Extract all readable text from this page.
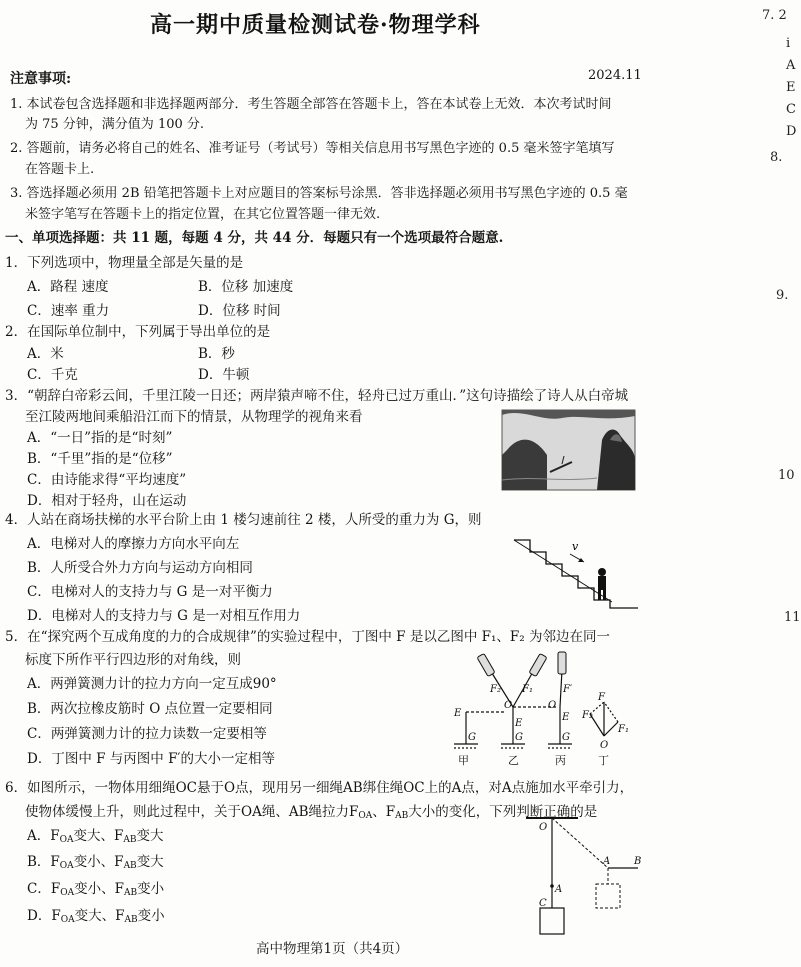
高一期中质量检测试卷·物理学科
注意事项:	2024.11
1. 本试卷包含选择题和非选择题两部分．考生答题全部答在答题卡上，答在本试卷上无效．本次考试时间
为 75 分钟，满分值为 100 分.
2. 答题前，请务必将自己的姓名、准考证号（考试号）等相关信息用书写黑色字迹的 0.5 毫米签字笔填写
在答题卡上.
3. 答选择题必须用 2B 铅笔把答题卡上对应题目的答案标号涂黑．答非选择题必须用书写黑色字迹的 0.5 毫
米签字笔写在答题卡上的指定位置，在其它位置答题一律无效.
一、单项选择题：共 11 题，每题 4 分，共 44 分．每题只有一个选项最符合题意.
1．下列选项中，物理量全部是矢量的是
A．路程 速度	B．位移 加速度
C．速率 重力	D．位移 时间
2．在国际单位制中，下列属于导出单位的是
A．米	B．秒
C．千克	D．牛顿
3．“朝辞白帝彩云间，千里江陵一日还；两岸猿声啼不住，轻舟已过万重山．”这句诗描绘了诗人从白帝城
至江陵两地间乘船沿江而下的情景，从物理学的视角来看
A．“一日”指的是“时刻”
B．“千里”指的是“位移”
C．由诗能求得“平均速度”
D．相对于轻舟，山在运动
4．人站在商场扶梯的水平台阶上由 1 楼匀速前往 2 楼，人所受的重力为 G，则
A．电梯对人的摩擦力方向水平向左
B．人所受合外力方向与运动方向相同
C．电梯对人的支持力与 G 是一对平衡力
D．电梯对人的支持力与 G 是一对相互作用力
v
5．在“探究两个互成角度的力的合成规律”的实验过程中，丁图中 F 是以乙图中 F₁、F₂ 为邻边在同一
标度下所作平行四边形的对角线，则
A．两弹簧测力计的拉力方向一定互成90°
B．两次拉橡皮筋时 O 点位置一定要相同
C．两弹簧测力计的拉力读数一定要相等
D．丁图中 F 与丙图中 F′的大小一定相等
E
G
F₂ F₁
O
E
G
F′
O
E
G
F
F₂
F₁
O
甲	乙	丙	丁
6．如图所示，一物体用细绳OC悬于O点，现用另一细绳AB绑住绳OC上的A点，对A点施加水平牵引力，
使物体缓慢上升，则此过程中，关于OA绳、AB绳拉力$F_{OA}$、$F_{AB}$大小的变化，下列判断正确的是
A．$F_{OA}$变大、$F_{AB}$变大
B．$F_{OA}$变小、$F_{AB}$变大
C．$F_{OA}$变小、$F_{AB}$变小
D．$F_{OA}$变大、$F_{AB}$变小
O
A
A B
C
高中物理第1页（共4页）
7. 2
i
A
E
C
D
8.
9.
10
11
